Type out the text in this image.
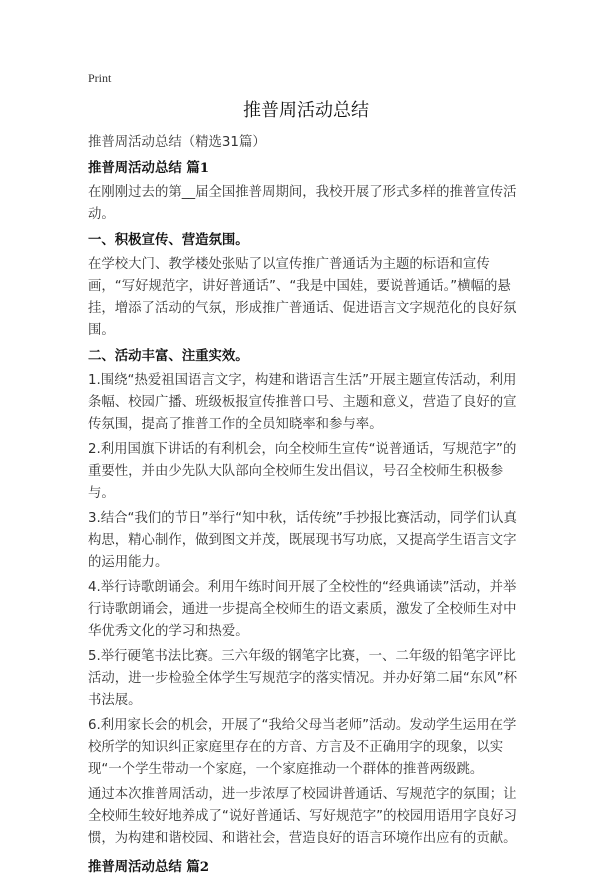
Print
推普周活动总结

推普周活动总结（精选31篇）

推普周活动总结 篇1

在刚刚过去的第__届全国推普周期间，我校开展了形式多样的推普宣传活动。

一、积极宣传、营造氛围。

在学校大门、教学楼处张贴了以宣传推广普通话为主题的标语和宣传画，“写好规范字，讲好普通话”、“我是中国娃，要说普通话。”横幅的悬挂，增添了活动的气氛，形成推广普通话、促进语言文字规范化的良好氛围。

二、活动丰富、注重实效。

1.围绕“热爱祖国语言文字，构建和谐语言生活”开展主题宣传活动，利用条幅、校园广播、班级板报宣传推普口号、主题和意义，营造了良好的宣传氛围，提高了推普工作的全员知晓率和参与率。

2.利用国旗下讲话的有利机会，向全校师生宣传“说普通话，写规范字”的重要性，并由少先队大队部向全校师生发出倡议，号召全校师生积极参与。

3.结合“我们的节日”举行“知中秋，话传统”手抄报比赛活动，同学们认真构思，精心制作，做到图文并茂，既展现书写功底，又提高学生语言文字的运用能力。

4.举行诗歌朗诵会。利用午练时间开展了全校性的“经典诵读”活动，并举行诗歌朗诵会，通进一步提高全校师生的语文素质，激发了全校师生对中华优秀文化的学习和热爱。

5.举行硬笔书法比赛。三六年级的钢笔字比赛，一、二年级的铅笔字评比活动，进一步检验全体学生写规范字的落实情况。并办好第二届“东风”杯书法展。

6.利用家长会的机会，开展了“我给父母当老师”活动。发动学生运用在学校所学的知识纠正家庭里存在的方音、方言及不正确用字的现象，以实现“一个学生带动一个家庭，一个家庭推动一个群体的推普两级跳。

通过本次推普周活动，进一步浓厚了校园讲普通话、写规范字的氛围；让全校师生较好地养成了“说好普通话、写好规范字”的校园用语用字良好习惯，为构建和谐校园、和谐社会，营造良好的语言环境作出应有的贡献。

推普周活动总结 篇2
